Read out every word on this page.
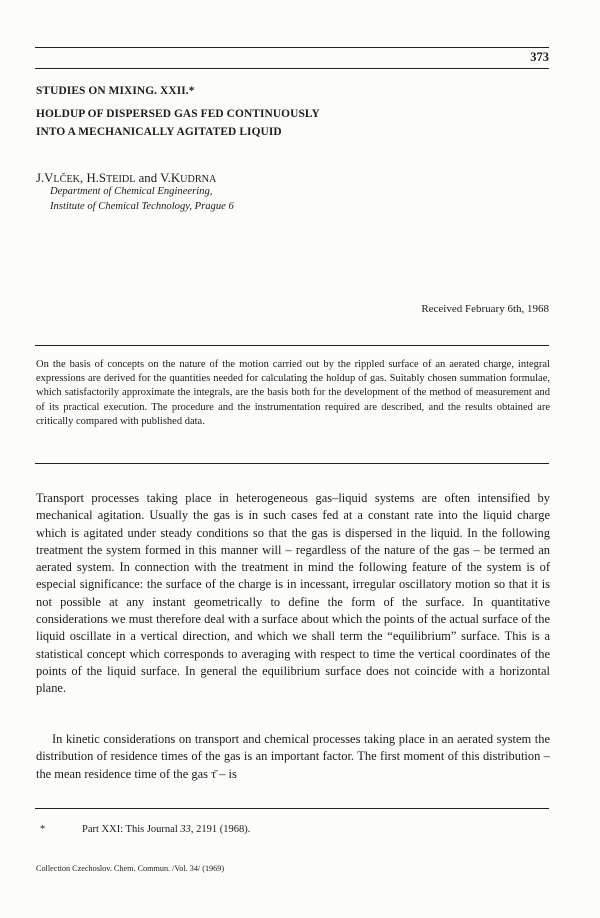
373
STUDIES ON MIXING. XXII.*
HOLDUP OF DISPERSED GAS FED CONTINUOUSLY
INTO A MECHANICALLY AGITATED LIQUID
J.VLČEK, H.STEIDL and V.KUDRNA
Department of Chemical Engineering,
Institute of Chemical Technology, Prague 6
Received February 6th, 1968
On the basis of concepts on the nature of the motion carried out by the rippled surface of an aerated charge, integral expressions are derived for the quantities needed for calculating the holdup of gas. Suitably chosen summation formulae, which satisfactorily approximate the integrals, are the basis both for the development of the method of measurement and of its practical execution. The procedure and the instrumentation required are described, and the results obtained are critically compared with published data.
Transport processes taking place in heterogeneous gas–liquid systems are often intensified by mechanical agitation. Usually the gas is in such cases fed at a constant rate into the liquid charge which is agitated under steady conditions so that the gas is dispersed in the liquid. In the following treatment the system formed in this manner will – regardless of the nature of the gas – be termed an aerated system. In connection with the treatment in mind the following feature of the system is of especial significance: the surface of the charge is in incessant, irregular oscillatory motion so that it is not possible at any instant geometrically to define the form of the surface. In quantitative considerations we must therefore deal with a surface about which the points of the actual surface of the liquid oscillate in a vertical direction, and which we shall term the “equilibrium” surface. This is a statistical concept which corresponds to averaging with respect to time the vertical coordinates of the points of the liquid surface. In general the equilibrium surface does not coincide with a horizontal plane.
In kinetic considerations on transport and chemical processes taking place in an aerated system the distribution of residence times of the gas is an important factor. The first moment of this distribution – the mean residence time of the gas τ̄ – is
*	Part XXI: This Journal 33, 2191 (1968).
Collection Czechoslov. Chem. Commun. /Vol. 34/ (1969)
